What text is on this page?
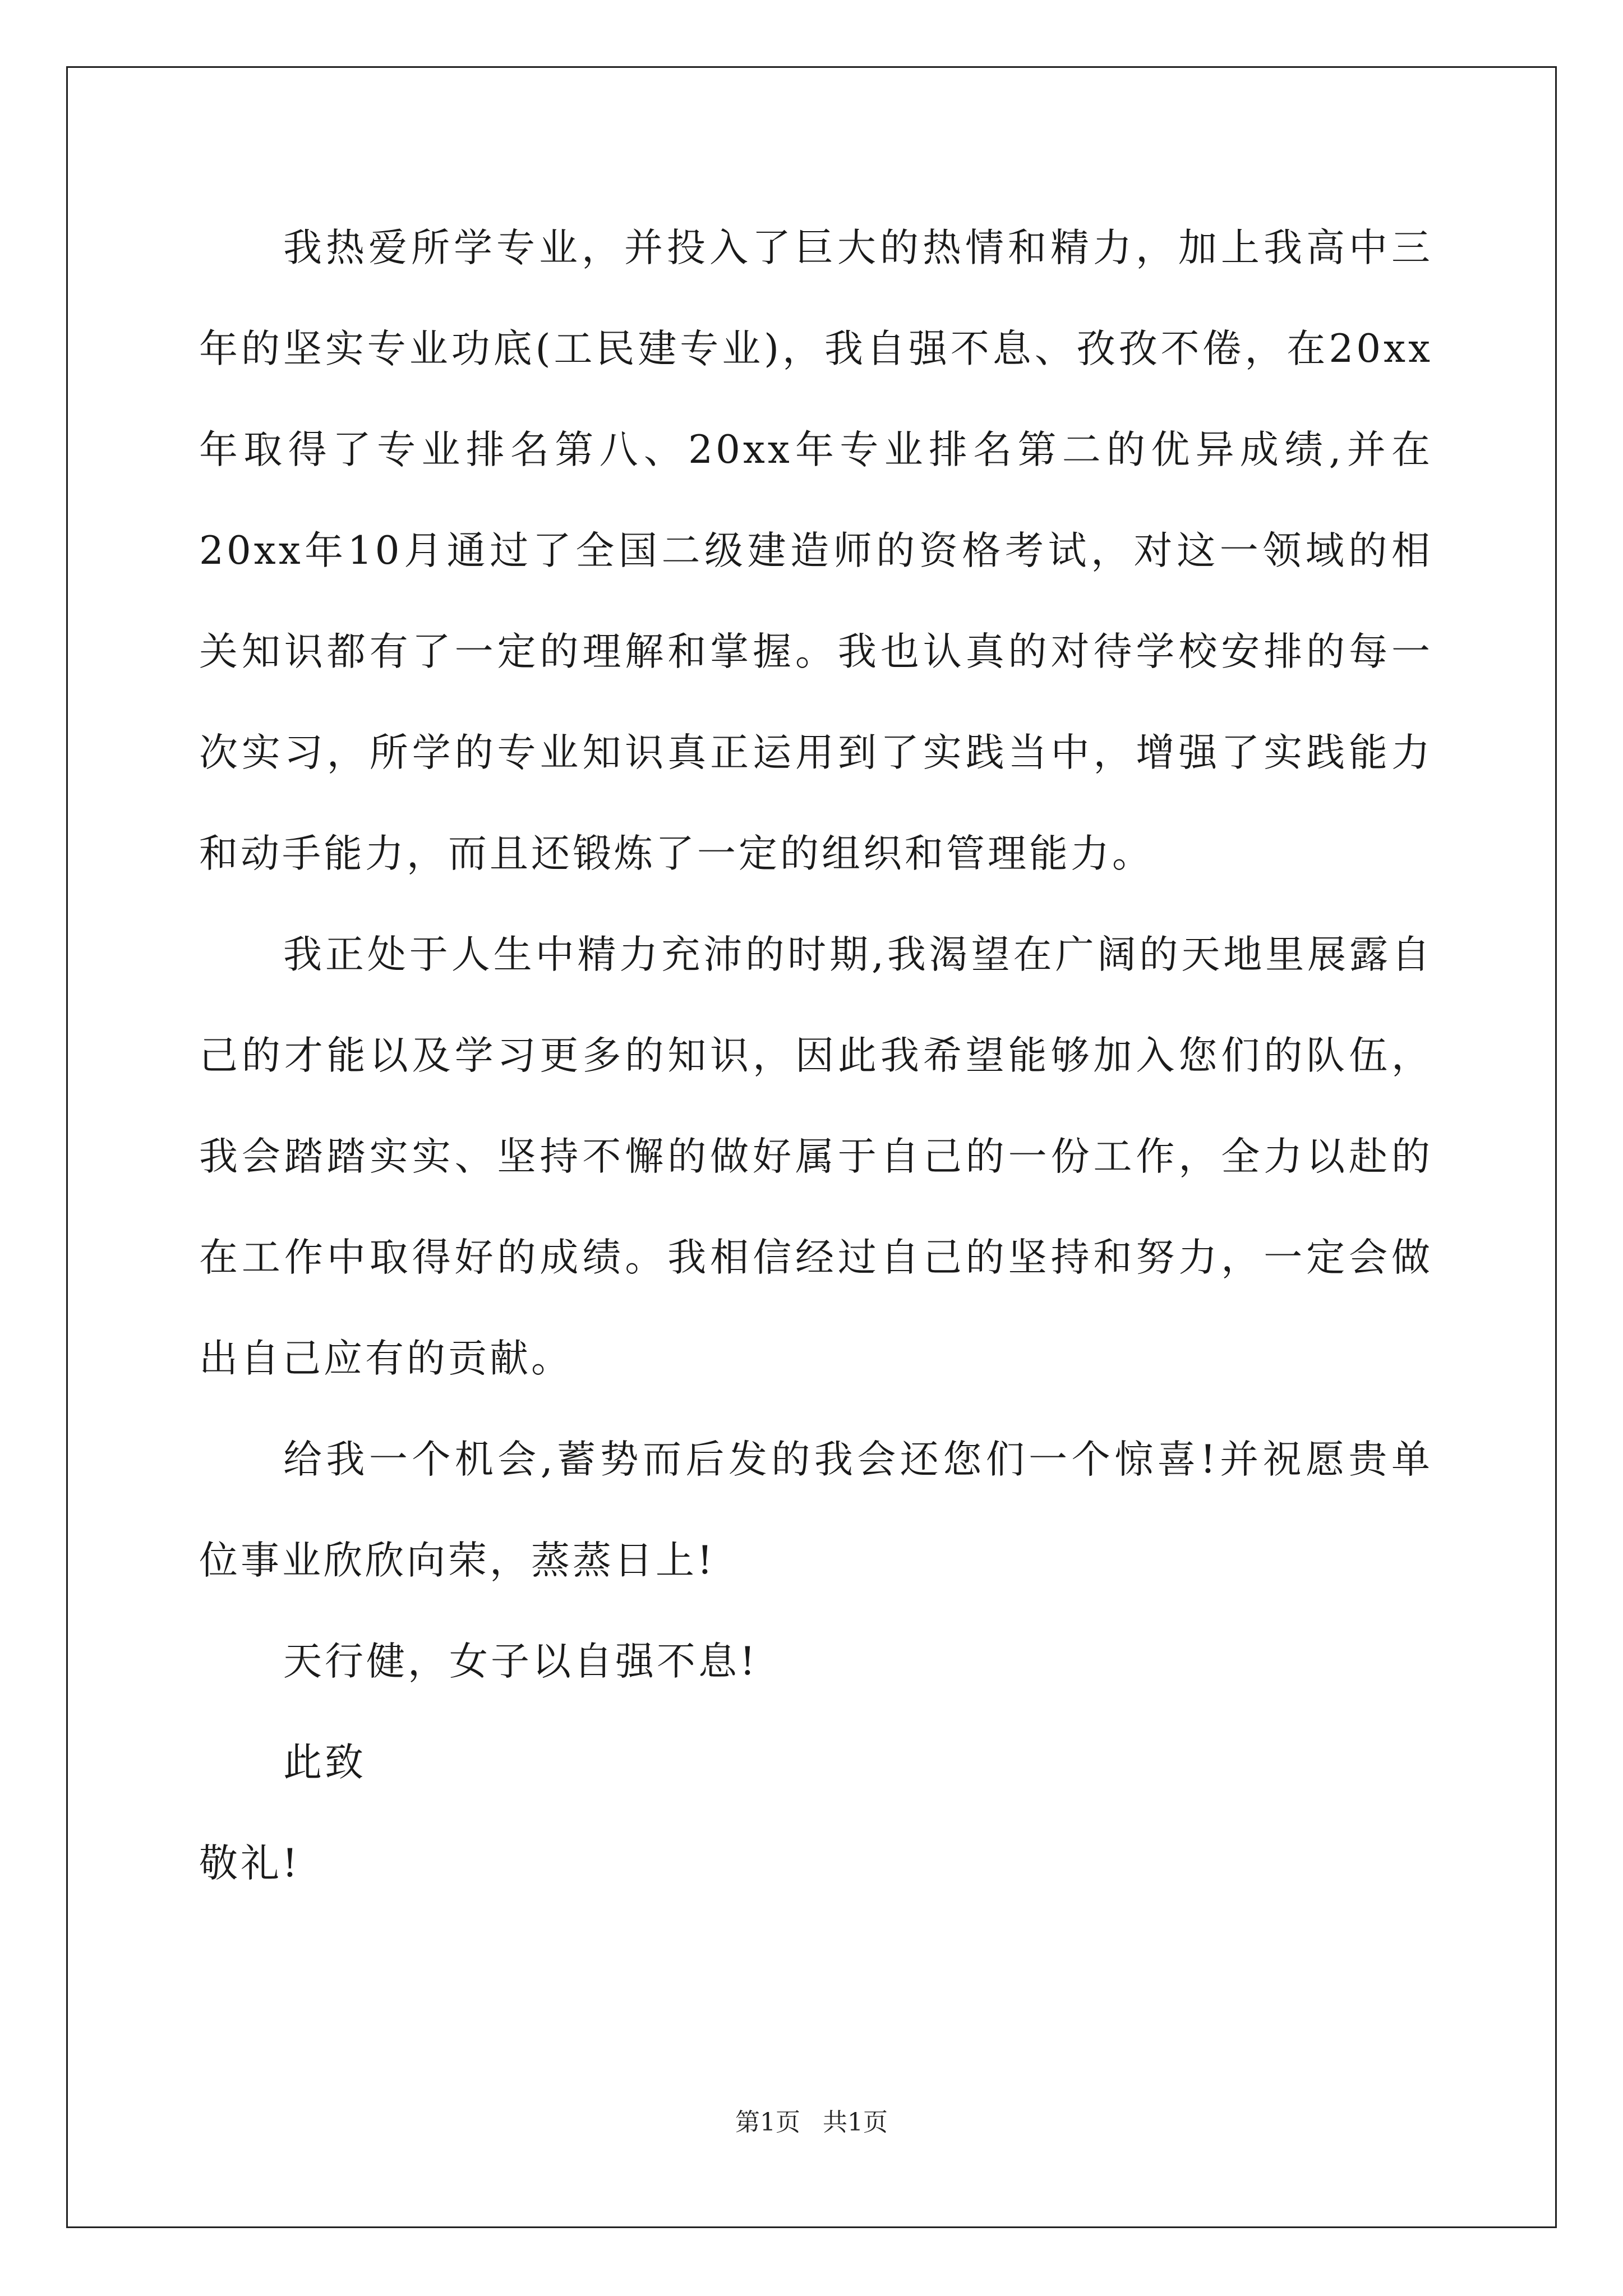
我热爱所学专业，并投入了巨大的热情和精力，加上我高中三年的坚实专业功底(工民建专业)，我自强不息、孜孜不倦，在20xx年取得了专业排名第八、20xx年专业排名第二的优异成绩,并在20xx年10月通过了全国二级建造师的资格考试，对这一领域的相关知识都有了一定的理解和掌握。我也认真的对待学校安排的每一次实习，所学的专业知识真正运用到了实践当中，增强了实践能力和动手能力，而且还锻炼了一定的组织和管理能力。

我正处于人生中精力充沛的时期,我渴望在广阔的天地里展露自己的才能以及学习更多的知识，因此我希望能够加入您们的队伍，我会踏踏实实、坚持不懈的做好属于自己的一份工作，全力以赴的在工作中取得好的成绩。我相信经过自己的坚持和努力，一定会做出自己应有的贡献。

给我一个机会,蓄势而后发的我会还您们一个惊喜!并祝愿贵单位事业欣欣向荣，蒸蒸日上!

天行健，女子以自强不息!

此致

敬礼!

第1页 共1页
